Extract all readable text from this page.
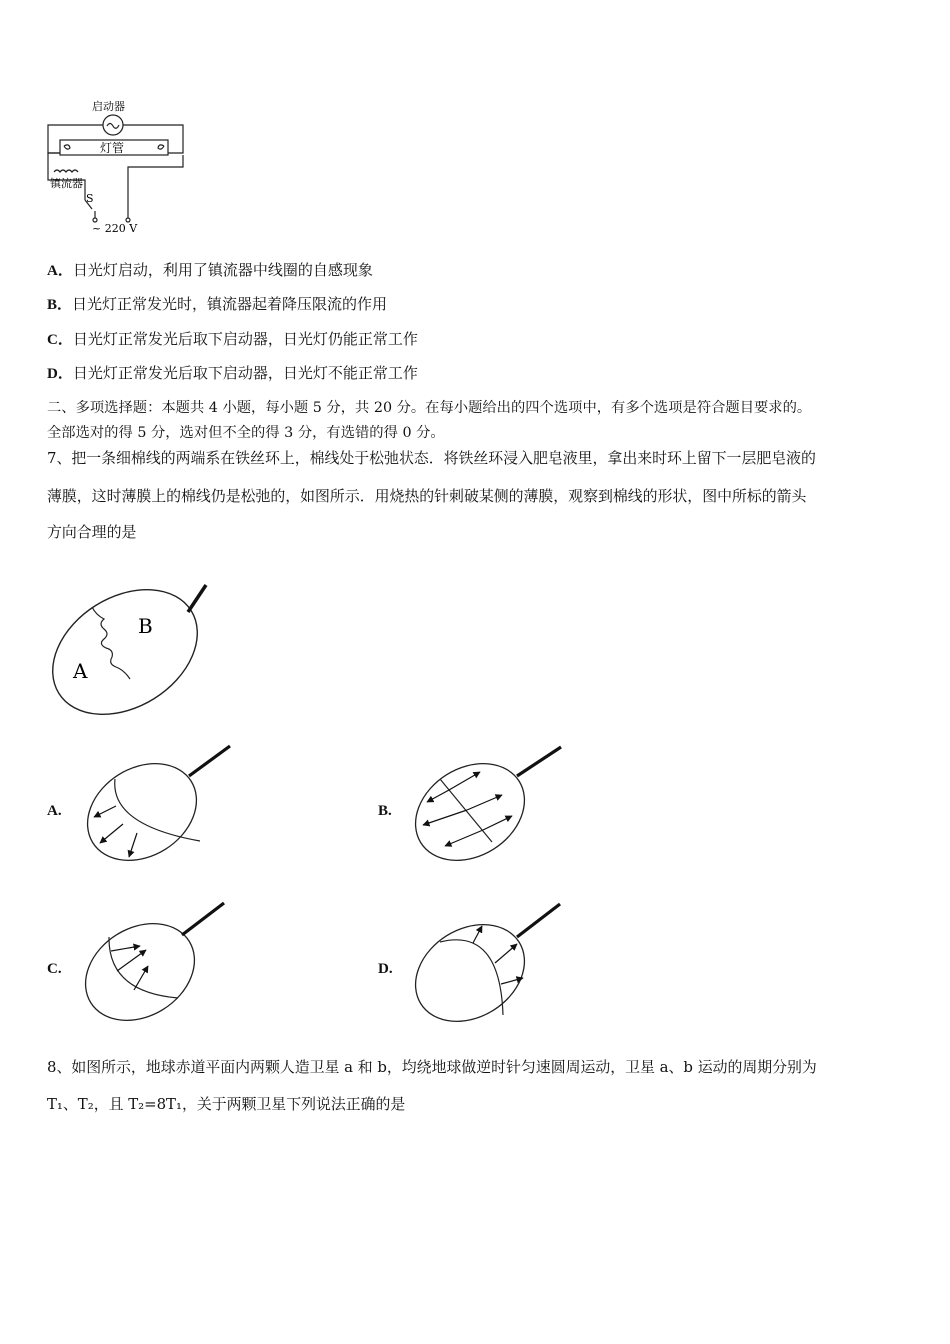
启动器
灯管
镇流器
S
~ 220 V
A．日光灯启动，利用了镇流器中线圈的自感现象
B．日光灯正常发光时，镇流器起着降压限流的作用
C．日光灯正常发光后取下启动器，日光灯仍能正常工作
D．日光灯正常发光后取下启动器，日光灯不能正常工作
二、多项选择题：本题共 4 小题，每小题 5 分，共 20 分。在每小题给出的四个选项中，有多个选项是符合题目要求的。
全部选对的得 5 分，选对但不全的得 3 分，有选错的得 0 分。
7、把一条细棉线的两端系在铁丝环上，棉线处于松弛状态．将铁丝环浸入肥皂液里，拿出来时环上留下一层肥皂液的
薄膜，这时薄膜上的棉线仍是松弛的，如图所示．用烧热的针刺破某侧的薄膜，观察到棉线的形状，图中所标的箭头
方向合理的是
B
A
A.	B.
C.	D.
8、如图所示，地球赤道平面内两颗人造卫星 a 和 b，均绕地球做逆时针匀速圆周运动，卫星 a、b 运动的周期分别为
T₁、T₂，且 T₂=8T₁，关于两颗卫星下列说法正确的是
